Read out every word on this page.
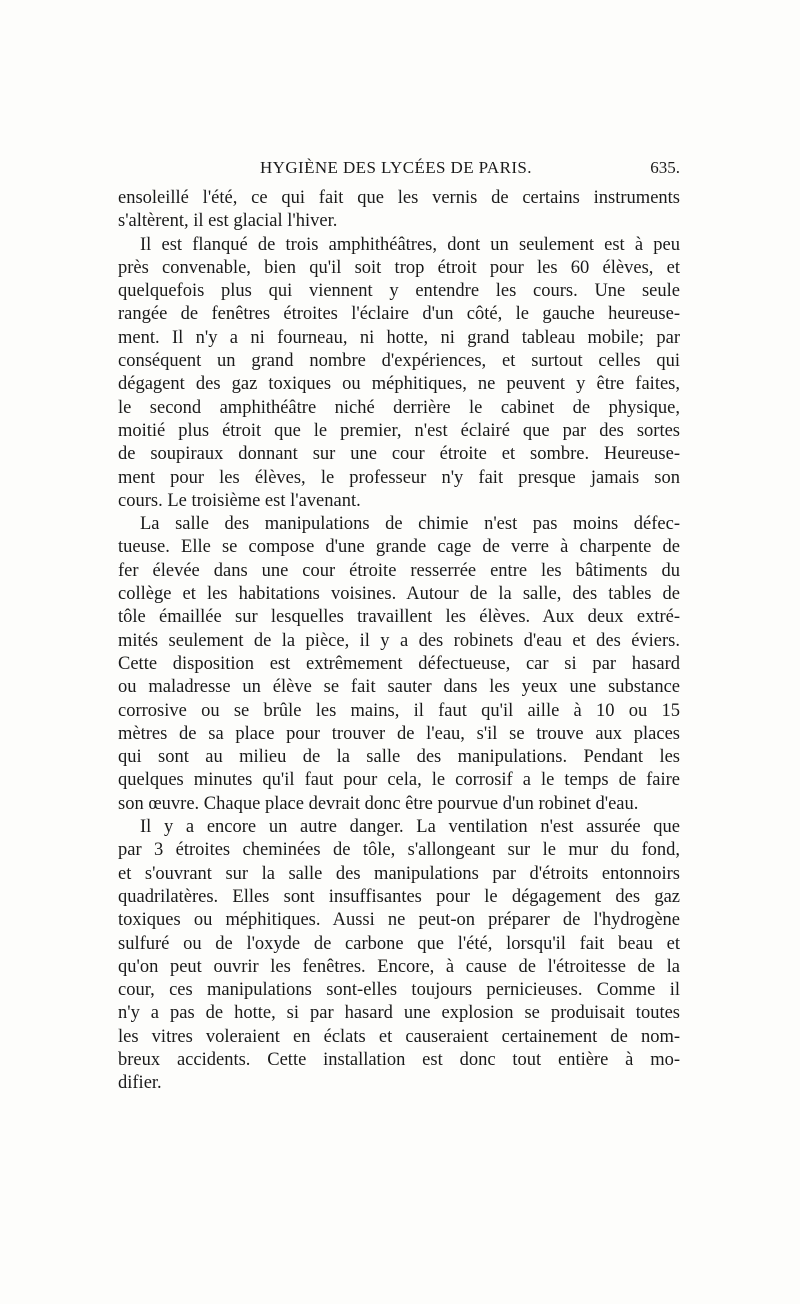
HYGIÈNE DES LYCÉES DE PARIS.	635.
ensoleillé l'été, ce qui fait que les vernis de certains instruments
s'altèrent, il est glacial l'hiver.
Il est flanqué de trois amphithéâtres, dont un seulement est à peu
près convenable, bien qu'il soit trop étroit pour les 60 élèves, et
quelquefois plus qui viennent y entendre les cours. Une seule
rangée de fenêtres étroites l'éclaire d'un côté, le gauche heureuse-
ment. Il n'y a ni fourneau, ni hotte, ni grand tableau mobile; par
conséquent un grand nombre d'expériences, et surtout celles qui
dégagent des gaz toxiques ou méphitiques, ne peuvent y être faites,
le second amphithéâtre niché derrière le cabinet de physique,
moitié plus étroit que le premier, n'est éclairé que par des sortes
de soupiraux donnant sur une cour étroite et sombre. Heureuse-
ment pour les élèves, le professeur n'y fait presque jamais son
cours. Le troisième est l'avenant.
La salle des manipulations de chimie n'est pas moins défec-
tueuse. Elle se compose d'une grande cage de verre à charpente de
fer élevée dans une cour étroite resserrée entre les bâtiments du
collège et les habitations voisines. Autour de la salle, des tables de
tôle émaillée sur lesquelles travaillent les élèves. Aux deux extré-
mités seulement de la pièce, il y a des robinets d'eau et des éviers.
Cette disposition est extrêmement défectueuse, car si par hasard
ou maladresse un élève se fait sauter dans les yeux une substance
corrosive ou se brûle les mains, il faut qu'il aille à 10 ou 15
mètres de sa place pour trouver de l'eau, s'il se trouve aux places
qui sont au milieu de la salle des manipulations. Pendant les
quelques minutes qu'il faut pour cela, le corrosif a le temps de faire
son œuvre. Chaque place devrait donc être pourvue d'un robinet d'eau.
Il y a encore un autre danger. La ventilation n'est assurée que
par 3 étroites cheminées de tôle, s'allongeant sur le mur du fond,
et s'ouvrant sur la salle des manipulations par d'étroits entonnoirs
quadrilatères. Elles sont insuffisantes pour le dégagement des gaz
toxiques ou méphitiques. Aussi ne peut-on préparer de l'hydrogène
sulfuré ou de l'oxyde de carbone que l'été, lorsqu'il fait beau et
qu'on peut ouvrir les fenêtres. Encore, à cause de l'étroitesse de la
cour, ces manipulations sont-elles toujours pernicieuses. Comme il
n'y a pas de hotte, si par hasard une explosion se produisait toutes
les vitres voleraient en éclats et causeraient certainement de nom-
breux accidents. Cette installation est donc tout entière à mo-
difier.
